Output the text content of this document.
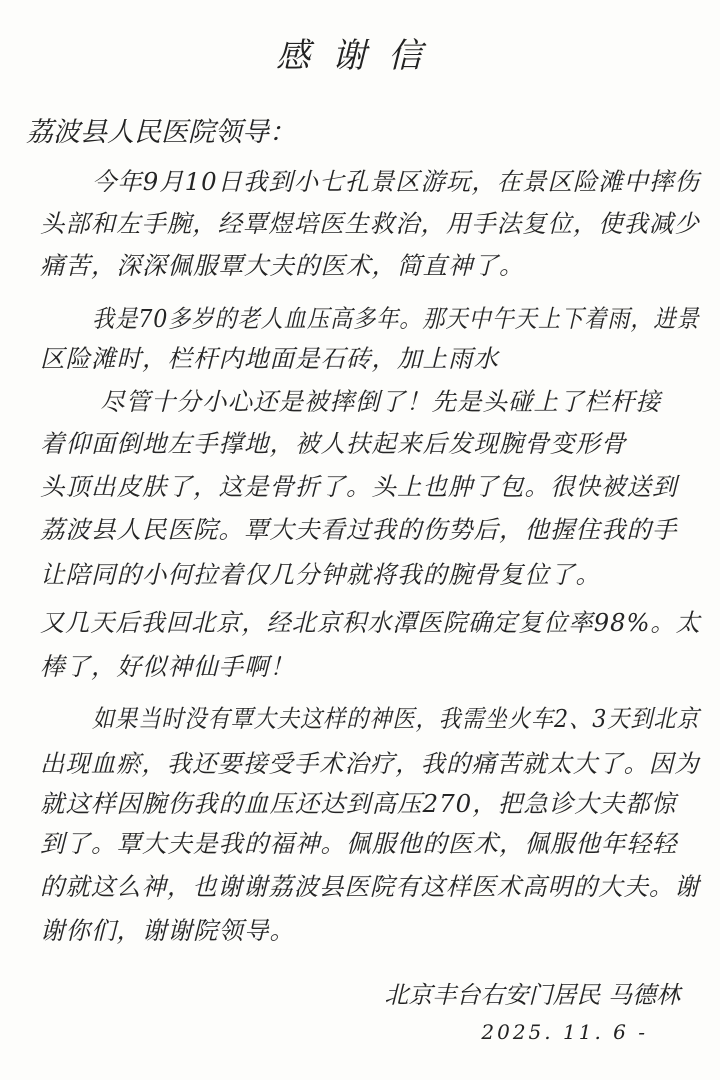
感谢信
荔波县人民医院领导：
今年9月10日我到小七孔景区游玩，在景区险滩中摔伤
头部和左手腕，经覃煜培医生救治，用手法复位，使我减少
痛苦，深深佩服覃大夫的医术，简直神了。
我是70多岁的老人血压高多年。那天中午天上下着雨，进景
区险滩时，栏杆内地面是石砖，加上雨水
尽管十分小心还是被摔倒了！先是头碰上了栏杆接
着仰面倒地左手撑地，被人扶起来后发现腕骨变形骨
头顶出皮肤了，这是骨折了。头上也肿了包。很快被送到
荔波县人民医院。覃大夫看过我的伤势后，他握住我的手
让陪同的小何拉着仅几分钟就将我的腕骨复位了。
又几天后我回北京，经北京积水潭医院确定复位率98%。太
棒了，好似神仙手啊！
如果当时没有覃大夫这样的神医，我需坐火车2、3天到北京
出现血瘀，我还要接受手术治疗，我的痛苦就太大了。因为
就这样因腕伤我的血压还达到高压270，把急诊大夫都惊
到了。覃大夫是我的福神。佩服他的医术，佩服他年轻轻
的就这么神，也谢谢荔波县医院有这样医术高明的大夫。谢
谢你们，谢谢院领导。
北京丰台右安门居民 马德林
2025. 11. 6 -
